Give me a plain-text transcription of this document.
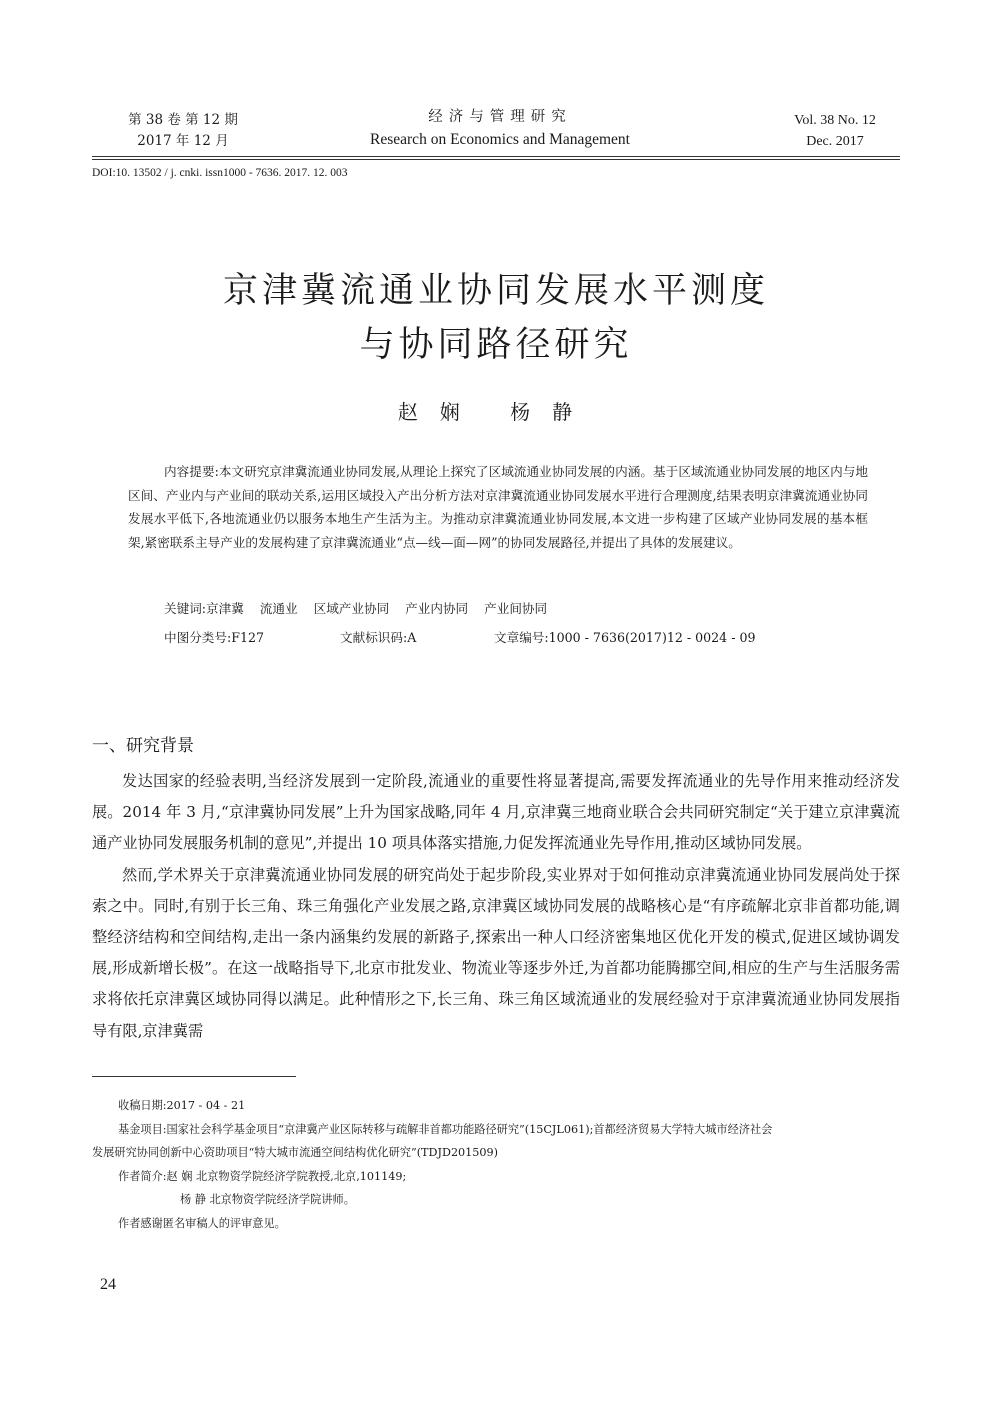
第 38 卷 第 12 期
2017 年 12 月
经济与管理研究
Research on Economics and Management
Vol. 38 No. 12
Dec. 2017
DOI:10. 13502 / j. cnki. issn1000 - 7636. 2017. 12. 003
京津冀流通业协同发展水平测度
与协同路径研究
赵娴 杨静

内容提要:本文研究京津冀流通业协同发展,从理论上探究了区域流通业协同发展的内涵。基于区域流通业协同发展的地区内与地区间、产业内与产业间的联动关系,运用区域投入产出分析方法对京津冀流通业协同发展水平进行合理测度,结果表明京津冀流通业协同发展水平低下,各地流通业仍以服务本地生产生活为主。为推动京津冀流通业协同发展,本文进一步构建了区域产业协同发展的基本框架,紧密联系主导产业的发展构建了京津冀流通业“点—线—面—网”的协同发展路径,并提出了具体的发展建议。

关键词:京津冀 流通业 区域产业协同 产业内协同 产业间协同
中图分类号:F127	文献标识码:A	文章编号:1000 - 7636(2017)12 - 0024 - 09
一、研究背景

发达国家的经验表明,当经济发展到一定阶段,流通业的重要性将显著提高,需要发挥流通业的先导作用来推动经济发展。2014 年 3 月,“京津冀协同发展”上升为国家战略,同年 4 月,京津冀三地商业联合会共同研究制定“关于建立京津冀流通产业协同发展服务机制的意见”,并提出 10 项具体落实措施,力促发挥流通业先导作用,推动区域协同发展。

然而,学术界关于京津冀流通业协同发展的研究尚处于起步阶段,实业界对于如何推动京津冀流通业协同发展尚处于探索之中。同时,有别于长三角、珠三角强化产业发展之路,京津冀区域协同发展的战略核心是“有序疏解北京非首都功能,调整经济结构和空间结构,走出一条内涵集约发展的新路子,探索出一种人口经济密集地区优化开发的模式,促进区域协调发展,形成新增长极”。在这一战略指导下,北京市批发业、物流业等逐步外迁,为首都功能腾挪空间,相应的生产与生活服务需求将依托京津冀区域协同得以满足。此种情形之下,长三角、珠三角区域流通业的发展经验对于京津冀流通业协同发展指导有限,京津冀需

收稿日期:2017 - 04 - 21
基金项目:国家社会科学基金项目“京津冀产业区际转移与疏解非首都功能路径研究”(15CJL061);首都经济贸易大学特大城市经济社会
发展研究协同创新中心资助项目“特大城市流通空间结构优化研究”(TDJD201509)
作者简介:赵 娴 北京物资学院经济学院教授,北京,101149;
杨 静 北京物资学院经济学院讲师。
作者感谢匿名审稿人的评审意见。
24
